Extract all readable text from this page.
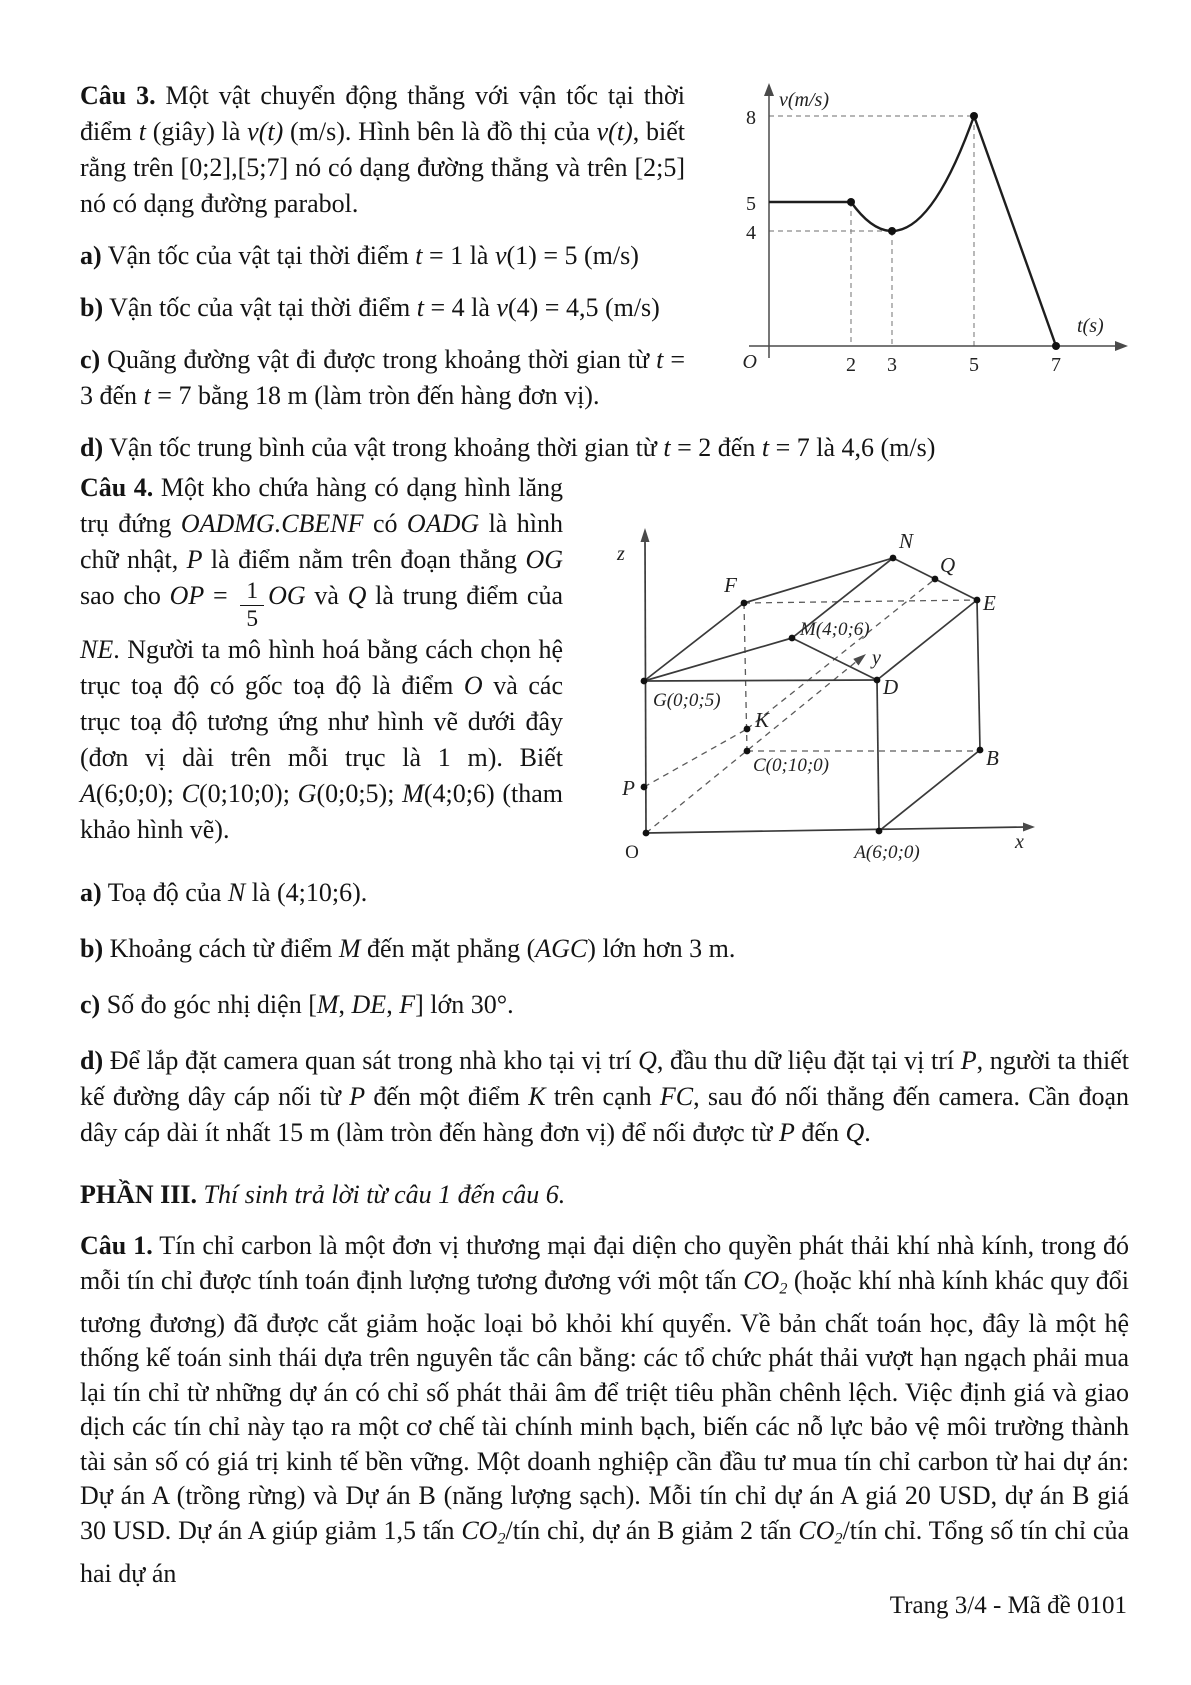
v(m/s)
t(s)
O
8
5
4
2 3	5	7

Câu 3. Một vật chuyển động thẳng với vận tốc tại thời điểm t (giây) là v(t) (m/s). Hình bên là đồ thị của v(t), biết rằng trên [0;2],[5;7] nó có dạng đường thẳng và trên [2;5] nó có dạng đường parabol.

a) Vận tốc của vật tại thời điểm t = 1 là v(1) = 5 (m/s)

b) Vận tốc của vật tại thời điểm t = 4 là v(4) = 4,5 (m/s)

c) Quãng đường vật đi được trong khoảng thời gian từ t = 3 đến t = 7 bằng 18 m (làm tròn đến hàng đơn vị).

d) Vận tốc trung bình của vật trong khoảng thời gian từ t = 2 đến t = 7 là 4,6 (m/s)

z
x
y
N
Q
E
B
D
F
M(4;0;6)
G(0;0;5)
C(0;10;0)
K
P
O	A(6;0;0)

Câu 4. Một kho chứa hàng có dạng hình lăng trụ đứng OADMG.CBENF có OADG là hình chữ nhật, P là điểm nằm trên đoạn thẳng OG sao cho OP = $\frac{1}{5}$ OG và Q là trung điểm của NE. Người ta mô hình hoá bằng cách chọn hệ trục toạ độ có gốc toạ độ là điểm O và các trục toạ độ tương ứng như hình vẽ dưới đây (đơn vị dài trên mỗi trục là 1 m). Biết A(6;0;0); C(0;10;0); G(0;0;5); M(4;0;6) (tham khảo hình vẽ).

a) Toạ độ của N là (4;10;6).

b) Khoảng cách từ điểm M đến mặt phẳng (AGC) lớn hơn 3 m.

c) Số đo góc nhị diện [M, DE, F] lớn 30°.

d) Để lắp đặt camera quan sát trong nhà kho tại vị trí Q, đầu thu dữ liệu đặt tại vị trí P, người ta thiết kế đường dây cáp nối từ P đến một điểm K trên cạnh FC, sau đó nối thẳng đến camera. Cần đoạn dây cáp dài ít nhất 15 m (làm tròn đến hàng đơn vị) để nối được từ P đến Q.

PHẦN III. Thí sinh trả lời từ câu 1 đến câu 6.

Câu 1. Tín chỉ carbon là một đơn vị thương mại đại diện cho quyền phát thải khí nhà kính, trong đó mỗi tín chỉ được tính toán định lượng tương đương với một tấn CO2 (hoặc khí nhà kính khác quy đổi tương đương) đã được cắt giảm hoặc loại bỏ khỏi khí quyển. Về bản chất toán học, đây là một hệ thống kế toán sinh thái dựa trên nguyên tắc cân bằng: các tổ chức phát thải vượt hạn ngạch phải mua lại tín chỉ từ những dự án có chỉ số phát thải âm để triệt tiêu phần chênh lệch. Việc định giá và giao dịch các tín chỉ này tạo ra một cơ chế tài chính minh bạch, biến các nỗ lực bảo vệ môi trường thành tài sản số có giá trị kinh tế bền vững. Một doanh nghiệp cần đầu tư mua tín chỉ carbon từ hai dự án: Dự án A (trồng rừng) và Dự án B (năng lượng sạch). Mỗi tín chỉ dự án A giá 20 USD, dự án B giá 30 USD. Dự án A giúp giảm 1,5 tấn CO2/tín chỉ, dự án B giảm 2 tấn CO2/tín chỉ. Tổng số tín chỉ của hai dự án

Trang 3/4 - Mã đề 0101
